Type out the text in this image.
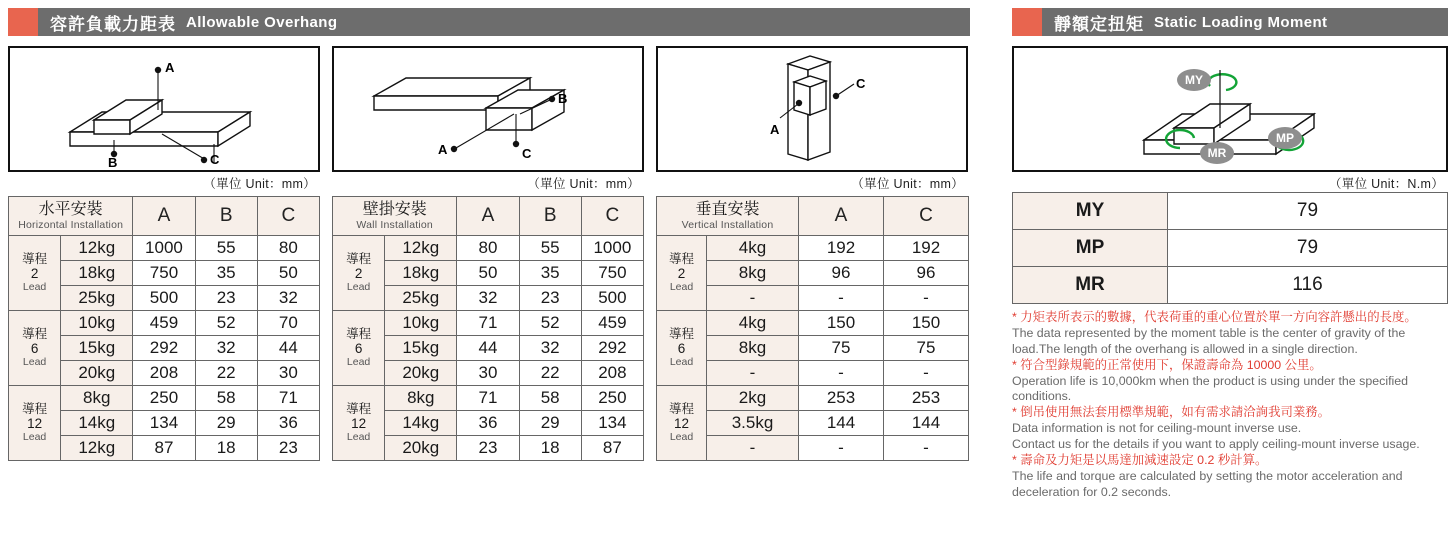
容許負載力距表 Allowable Overhang
A
B	C
（單位 Unit：mm）
A
B
C
（單位 Unit：mm）
A
C
（單位 Unit：mm）
水平安裝
Horizontal Installation		A	B	C

導程
2
Lead	12kg	1000	55	80
	18kg	750	35	50
	25kg	500	23	32

導程
6
Lead	10kg	459	52	70
	15kg	292	32	44
	20kg	208	22	30

導程
12
Lead	8kg	250	58	71
	14kg	134	29	36
	12kg	87	18	23
壁掛安裝
Wall Installation		A	B	C

導程
2
Lead	12kg	80	55	1000
	18kg	50	35	750
	25kg	32	23	500

導程
6
Lead	10kg	71	52	459
	15kg	44	32	292
	20kg	30	22	208

導程
12
Lead	8kg	71	58	250
	14kg	36	29	134
	20kg	23	18	87
垂直安裝
Vertical Installation		A	C

導程
2
Lead	4kg	192	192
	8kg	96	96
	-	-	-

導程
6
Lead	4kg	150	150
	8kg	75	75
	-	-	-

導程
12
Lead	2kg	253	253
	3.5kg	144	144
	-	-	-
靜額定扭矩 Static Loading Moment
MY
MP
MR
（單位 Unit：N.m）
MY	79
MP	79
MR	116
* 力矩表所表示的數據，代表荷重的重心位置於單一方向容許懸出的長度。
The data represented by the moment table is the center of gravity of the load.The length of the overhang is allowed in a single direction.
* 符合型錄規範的正常使用下，保證壽命為 10000 公里。
Operation life is 10,000km when the product is using under the specified conditions.
* 倒吊使用無法套用標準規範，如有需求請洽詢我司業務。
Data information is not for ceiling-mount inverse use.
Contact us for the details if you want to apply ceiling-mount inverse usage.
* 壽命及力矩是以馬達加減速設定 0.2 秒計算。
The life and torque are calculated by setting the motor acceleration and deceleration for 0.2 seconds.
